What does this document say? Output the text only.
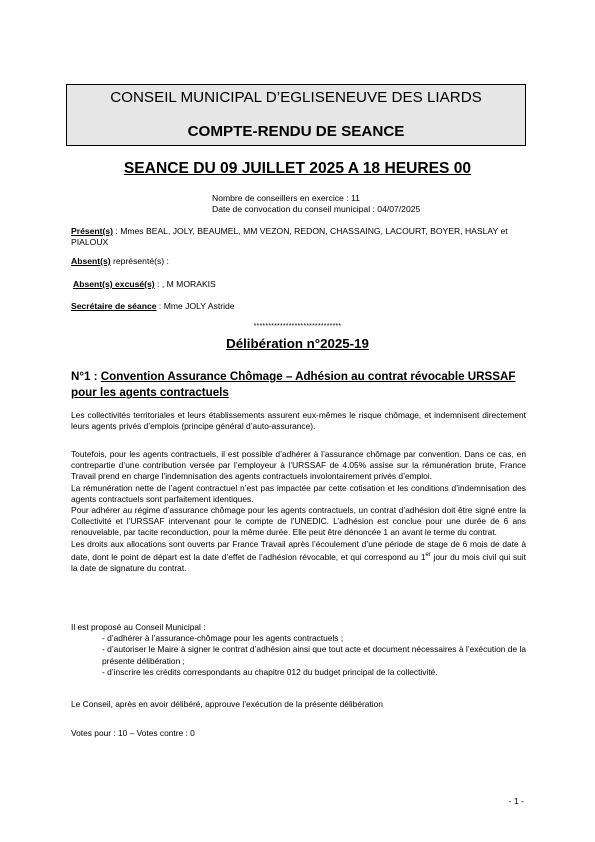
CONSEIL MUNICIPAL D’EGLISENEUVE DES LIARDS
COMPTE-RENDU DE SEANCE
SEANCE DU 09 JUILLET 2025 A 18 HEURES 00
Nombre de conseillers en exercice : 11
Date de convocation du conseil municipal : 04/07/2025
Présent(s) : Mmes BEAL, JOLY, BEAUMEL, MM VEZON, REDON, CHASSAING, LACOURT, BOYER, HASLAY et PIALOUX
Absent(s) représenté(s) :
Absent(s) excusé(s) : , M MORAKIS
Secrétaire de séance : Mme JOLY Astride
******************************
Délibération n°2025-19
N°1 : Convention Assurance Chômage – Adhésion au contrat révocable URSSAF pour les agents contractuels

Les collectivités territoriales et leurs établissements assurent eux-mêmes le risque chômage, et indemnisent directement leurs agents privés d’emplois (principe général d’auto-assurance).

Toutefois, pour les agents contractuels, il est possible d’adhérer à l’assurance chômage par convention. Dans ce cas, en contrepartie d’une contribution versée par l’employeur à l’URSSAF de 4.05% assise sur la rémunération brute, France Travail prend en charge l’indemnisation des agents contractuels involontairement privés d’emploi.

La rémunération nette de l’agent contractuel n’est pas impactée par cette cotisation et les conditions d’indemnisation des agents contractuels sont parfaitement identiques.

Pour adhérer au régime d’assurance chômage pour les agents contractuels, un contrat d’adhésion doit être signé entre la Collectivité et l’URSSAF intervenant pour le compte de l’UNEDIC. L’adhésion est conclue pour une durée de 6 ans renouvelable, par tacite reconduction, pour la même durée. Elle peut être dénoncée 1 an avant le terme du contrat.

Les droits aux allocations sont ouverts par France Travail après l’écoulement d’une période de stage de 6 mois de date à date, dont le point de départ est la date d’effet de l’adhésion révocable, et qui correspond au 1er jour du mois civil qui suit la date de signature du contrat.

Il est proposé au Conseil Municipal :

- d’adhérer à l’assurance-chômage pour les agents contractuels ;

- d’autoriser le Maire à signer le contrat d’adhésion ainsi que tout acte et document nécessaires à l’exécution de la présente délibération ;

- d’inscrire les crédits correspondants au chapitre 012 du budget principal de la collectivité.

Le Conseil, après en avoir délibéré, approuve l’exécution de la présente délibération

Votes pour : 10 – Votes contre : 0

- 1 -
